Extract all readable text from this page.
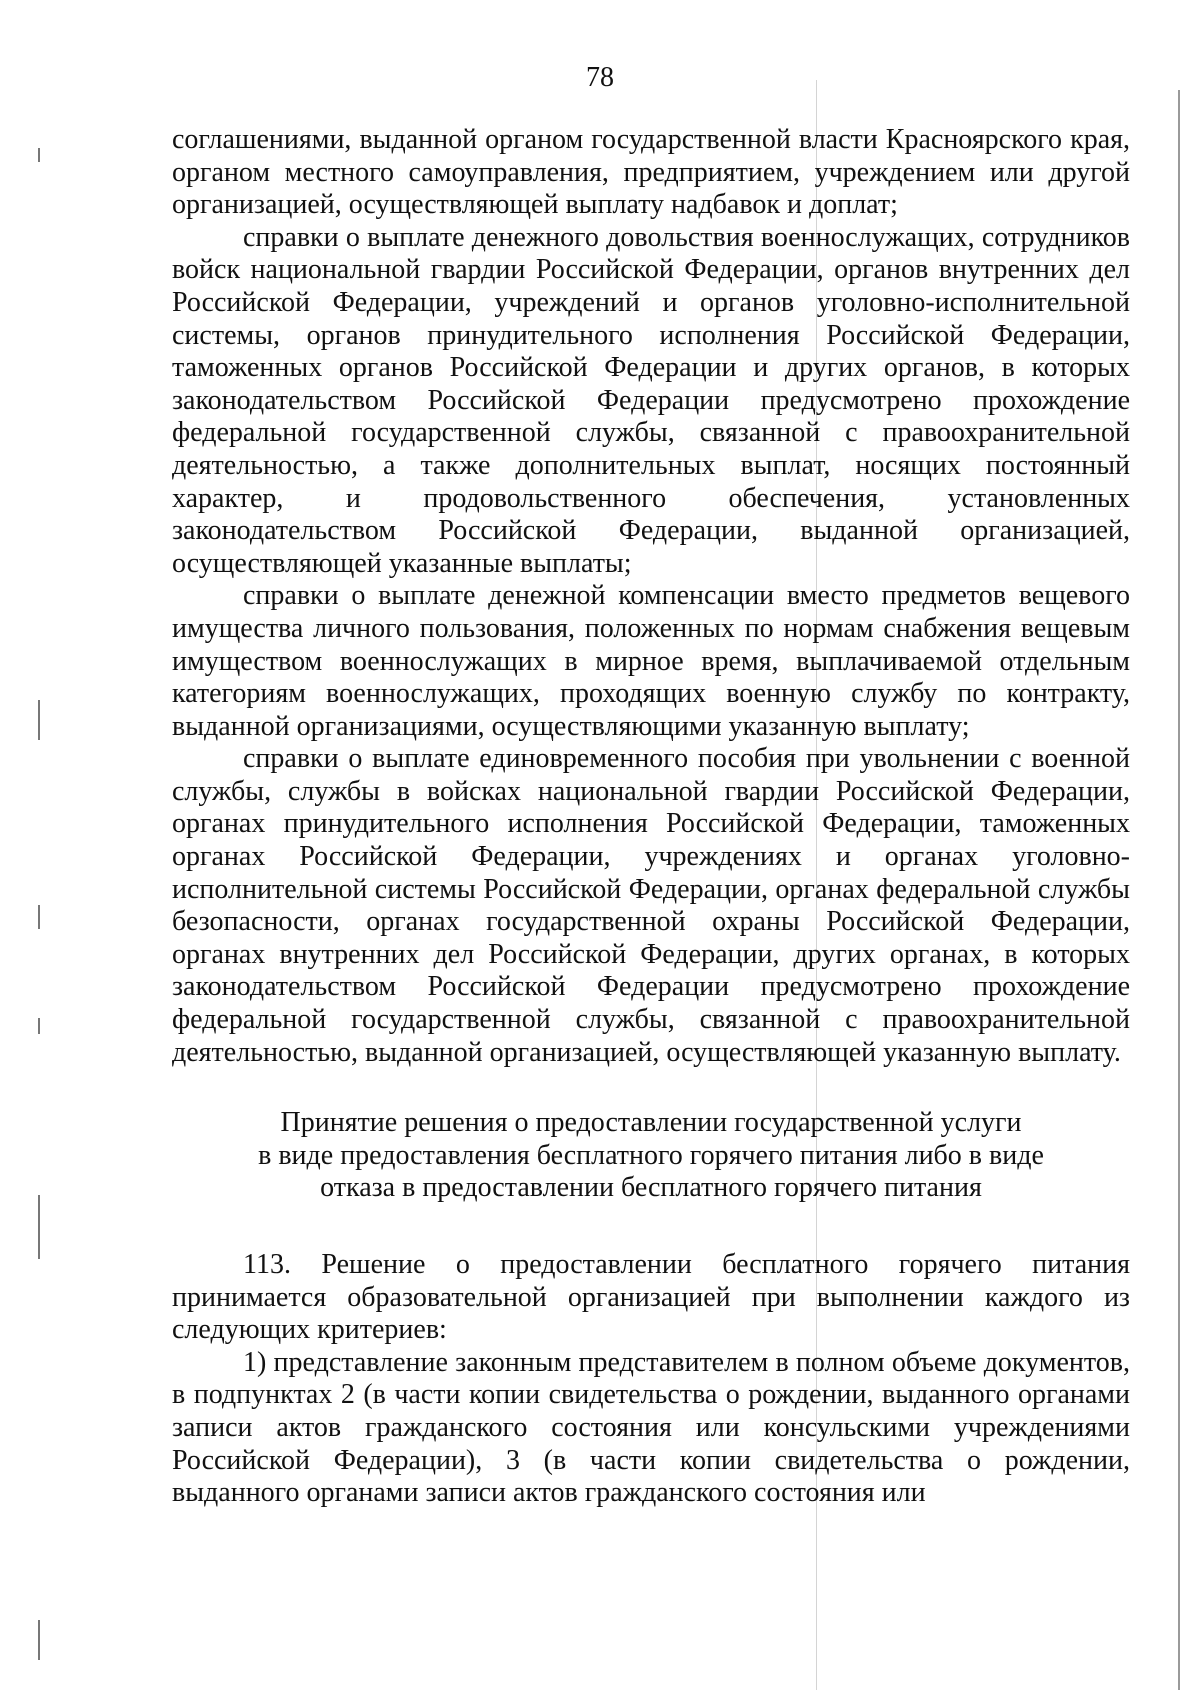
78

соглашениями, выданной органом государственной власти Красноярского края, органом местного самоуправления, предприятием, учреждением или другой организацией, осуществляющей выплату надбавок и доплат;

справки о выплате денежного довольствия военнослужащих, сотрудников войск национальной гвардии Российской Федерации, органов внутренних дел Российской Федерации, учреждений и органов уголовно-исполнительной системы, органов принудительного исполнения Российской Федерации, таможенных органов Российской Федерации и других органов, в которых законодательством Российской Федерации предусмотрено прохождение федеральной государственной службы, связанной с правоохранительной деятельностью, а также дополнительных выплат, носящих постоянный характер, и продовольственного обеспечения, установленных законодательством Российской Федерации, выданной организацией, осуществляющей указанные выплаты;

справки о выплате денежной компенсации вместо предметов вещевого имущества личного пользования, положенных по нормам снабжения вещевым имуществом военнослужащих в мирное время, выплачиваемой отдельным категориям военнослужащих, проходящих военную службу по контракту, выданной организациями, осуществляющими указанную выплату;

справки о выплате единовременного пособия при увольнении с военной службы, службы в войсках национальной гвардии Российской Федерации, органах принудительного исполнения Российской Федерации, таможенных органах Российской Федерации, учреждениях и органах уголовно-исполнительной системы Российской Федерации, органах федеральной службы безопасности, органах государственной охраны Российской Федерации, органах внутренних дел Российской Федерации, других органах, в которых законодательством Российской Федерации предусмотрено прохождение федеральной государственной службы, связанной с правоохранительной деятельностью, выданной организацией, осуществляющей указанную выплату.

Принятие решения о предоставлении государственной услуги
в виде предоставления бесплатного горячего питания либо в виде
отказа в предоставлении бесплатного горячего питания

113. Решение о предоставлении бесплатного горячего питания принимается образовательной организацией при выполнении каждого из следующих критериев:

1) представление законным представителем в полном объеме документов, в подпунктах 2 (в части копии свидетельства о рождении, выданного органами записи актов гражданского состояния или консульскими учреждениями Российской Федерации), 3 (в части копии свидетельства о рождении, выданного органами записи актов гражданского состояния или
